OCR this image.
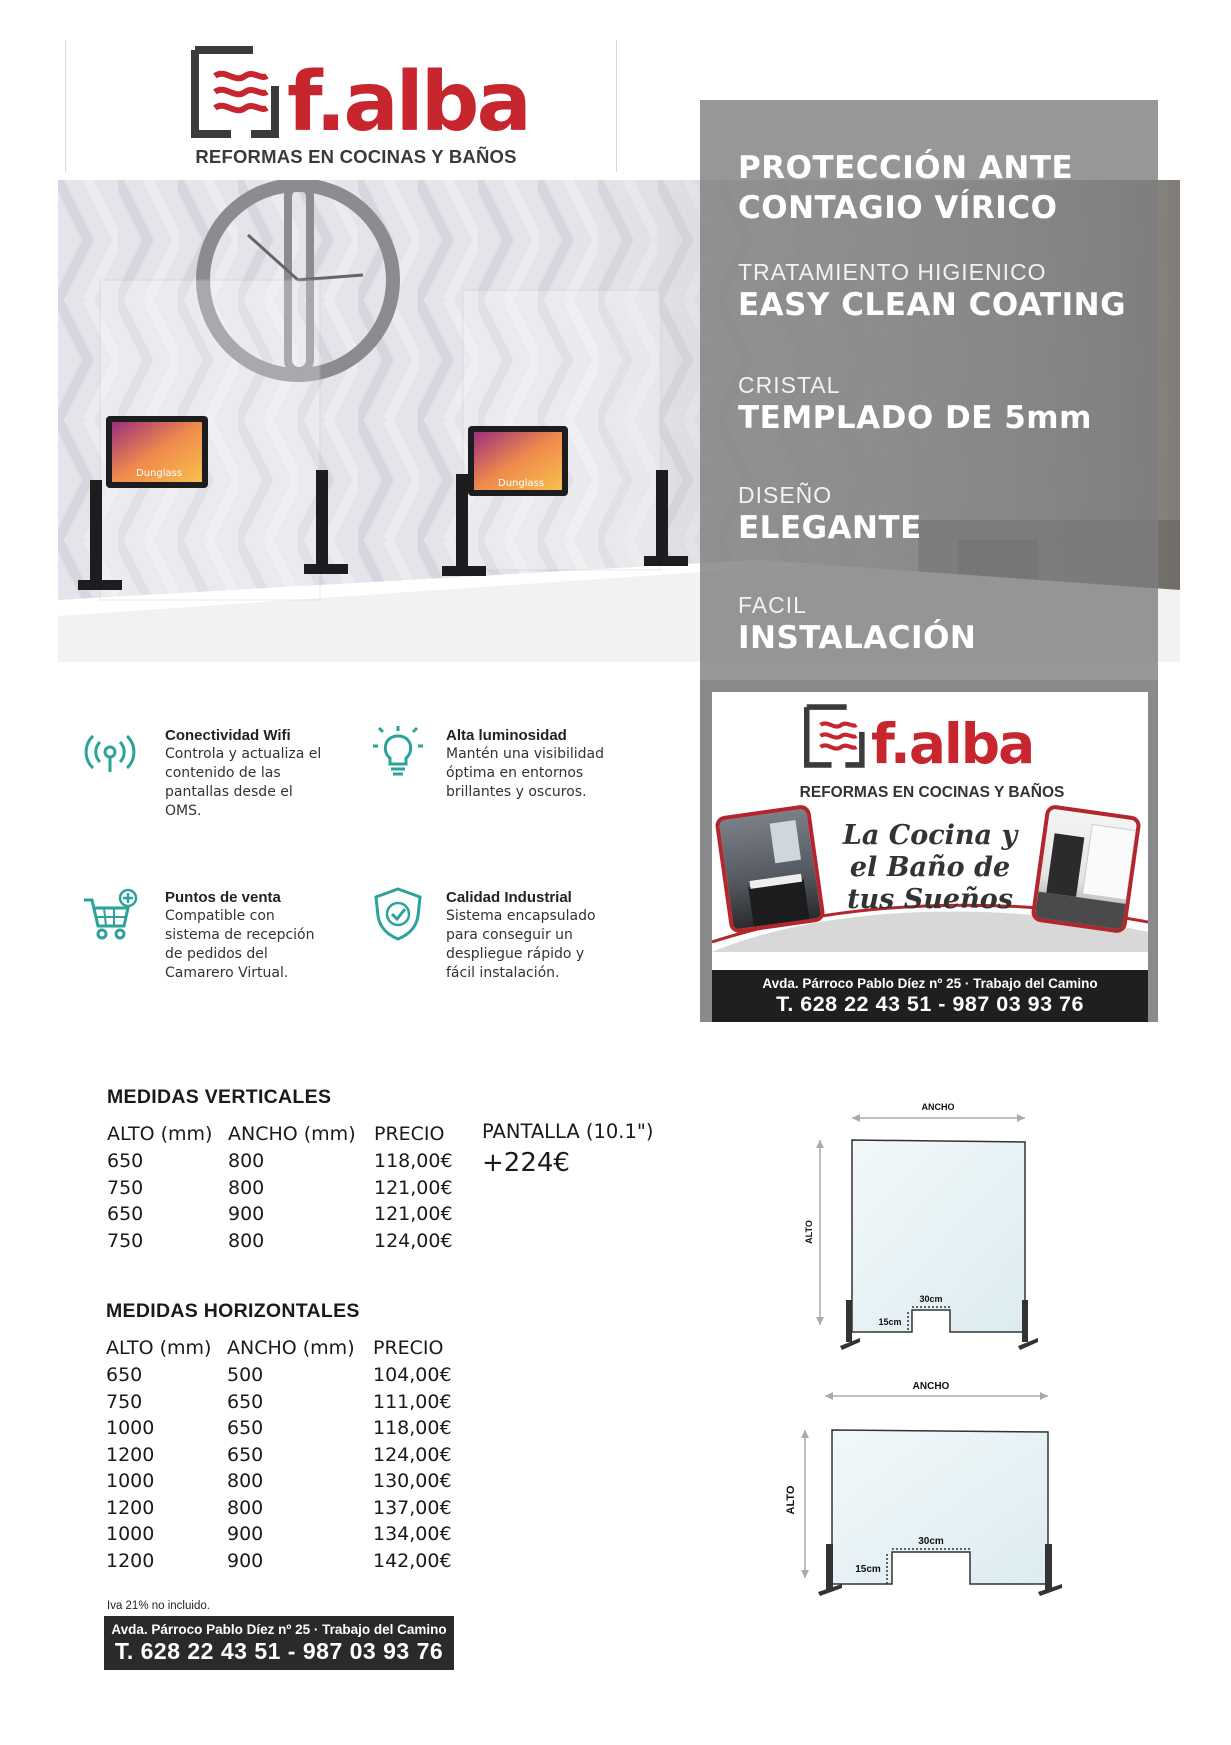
f.alba
REFORMAS EN COCINAS Y BAÑOS
Dunglass
Dunglass
PROTECCIÓN ANTE
CONTAGIO VÍRICO
TRATAMIENTO HIGIENICO
EASY CLEAN COATING
CRISTAL
TEMPLADO DE 5mm
DISEÑO
ELEGANTE
FACIL
INSTALACIÓN
f.alba
REFORMAS EN COCINAS Y BAÑOS
La Cocina y
el Baño de
tus Sueños
Avda. Párroco Pablo Díez nº 25 · Trabajo del Camino
T. 628 22 43 51 - 987 03 93 76
Conectividad Wifi
Controla y actualiza el
contenido de las
pantallas desde el
OMS.
Alta luminosidad
Mantén una visibilidad
óptima en entornos
brillantes y oscuros.
Puntos de venta
Compatible con
sistema de recepción
de pedidos del
Camarero Virtual.
Calidad Industrial
Sistema encapsulado
para conseguir un
despliegue rápido y
fácil instalación.
MEDIDAS VERTICALES
ALTO (mm) ANCHO (mm) PRECIO
650	800	118,00€
750	800	121,00€
650	900	121,00€
750	800	124,00€
PANTALLA (10.1")
+224€
MEDIDAS HORIZONTALES
ALTO (mm) ANCHO (mm) PRECIO
650	500	104,00€
750	650	111,00€
1000	650	118,00€
1200	650	124,00€
1000	800	130,00€
1200	800	137,00€
1000	900	134,00€
1200	900	142,00€
Iva 21% no incluido.
Avda. Párroco Pablo Díez nº 25 · Trabajo del Camino
T. 628 22 43 51 - 987 03 93 76
ANCHO
ALTO
30cm
15cm
ANCHO
ALTO
30cm
15cm
